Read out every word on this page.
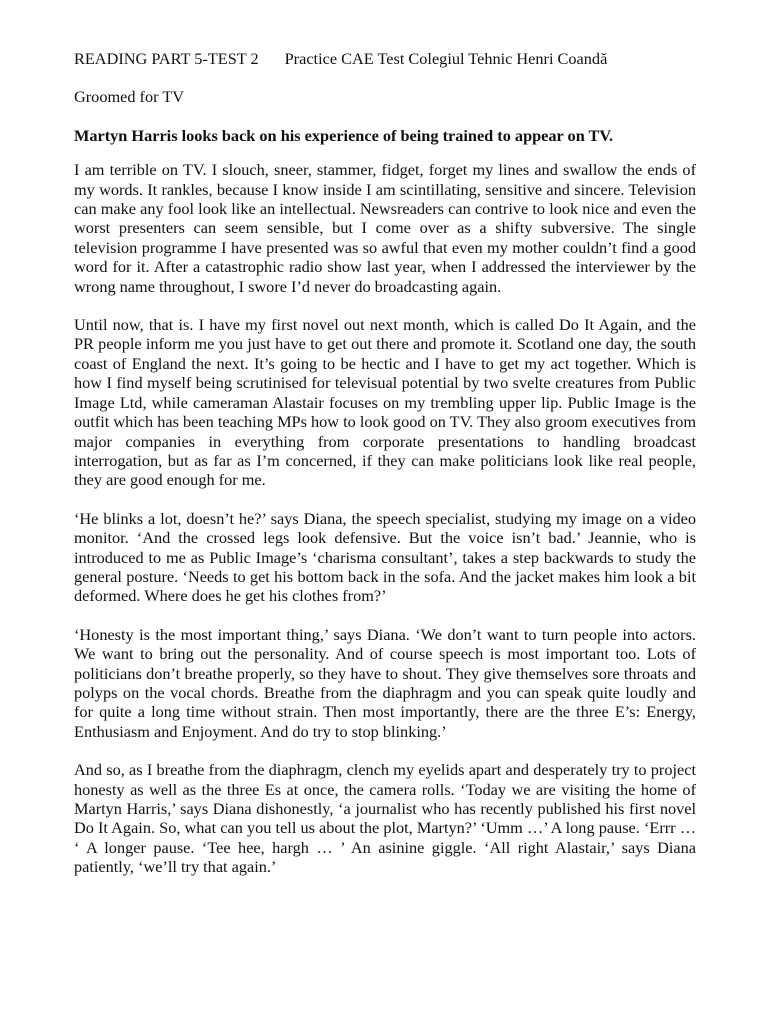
READING PART 5-TEST 2 Practice CAE Test Colegiul Tehnic Henri Coandă
Groomed for TV
Martyn Harris looks back on his experience of being trained to appear on TV.

I am terrible on TV. I slouch, sneer, stammer, fidget, forget my lines and swallow the ends of my words. It rankles, because I know inside I am scintillating, sensitive and sincere. Television can make any fool look like an intellectual. Newsreaders can contrive to look nice and even the worst presenters can seem sensible, but I come over as a shifty subversive. The single television programme I have presented was so awful that even my mother couldn’t find a good word for it. After a catastrophic radio show last year, when I addressed the interviewer by the wrong name throughout, I swore I’d never do broadcasting again.

Until now, that is. I have my first novel out next month, which is called Do It Again, and the PR people inform me you just have to get out there and promote it. Scotland one day, the south coast of England the next. It’s going to be hectic and I have to get my act together. Which is how I find myself being scrutinised for televisual potential by two svelte creatures from Public Image Ltd, while cameraman Alastair focuses on my trembling upper lip. Public Image is the outfit which has been teaching MPs how to look good on TV. They also groom executives from major companies in everything from corporate presentations to handling broadcast interrogation, but as far as I’m concerned, if they can make politicians look like real people, they are good enough for me.

‘He blinks a lot, doesn’t he?’ says Diana, the speech specialist, studying my image on a video monitor. ‘And the crossed legs look defensive. But the voice isn’t bad.’ Jeannie, who is introduced to me as Public Image’s ‘charisma consultant’, takes a step backwards to study the general posture. ‘Needs to get his bottom back in the sofa. And the jacket makes him look a bit deformed. Where does he get his clothes from?’

‘Honesty is the most important thing,’ says Diana. ‘We don’t want to turn people into actors. We want to bring out the personality. And of course speech is most important too. Lots of politicians don’t breathe properly, so they have to shout. They give themselves sore throats and polyps on the vocal chords. Breathe from the diaphragm and you can speak quite loudly and for quite a long time without strain. Then most importantly, there are the three E’s: Energy, Enthusiasm and Enjoyment. And do try to stop blinking.’

And so, as I breathe from the diaphragm, clench my eyelids apart and desperately try to project honesty as well as the three Es at once, the camera rolls. ‘Today we are visiting the home of Martyn Harris,’ says Diana dishonestly, ‘a journalist who has recently published his first novel Do It Again. So, what can you tell us about the plot, Martyn?’ ‘Umm …’ A long pause. ‘Errr … ‘ A longer pause. ‘Tee hee, hargh … ’ An asinine giggle. ‘All right Alastair,’ says Diana patiently, ‘we’ll try that again.’
